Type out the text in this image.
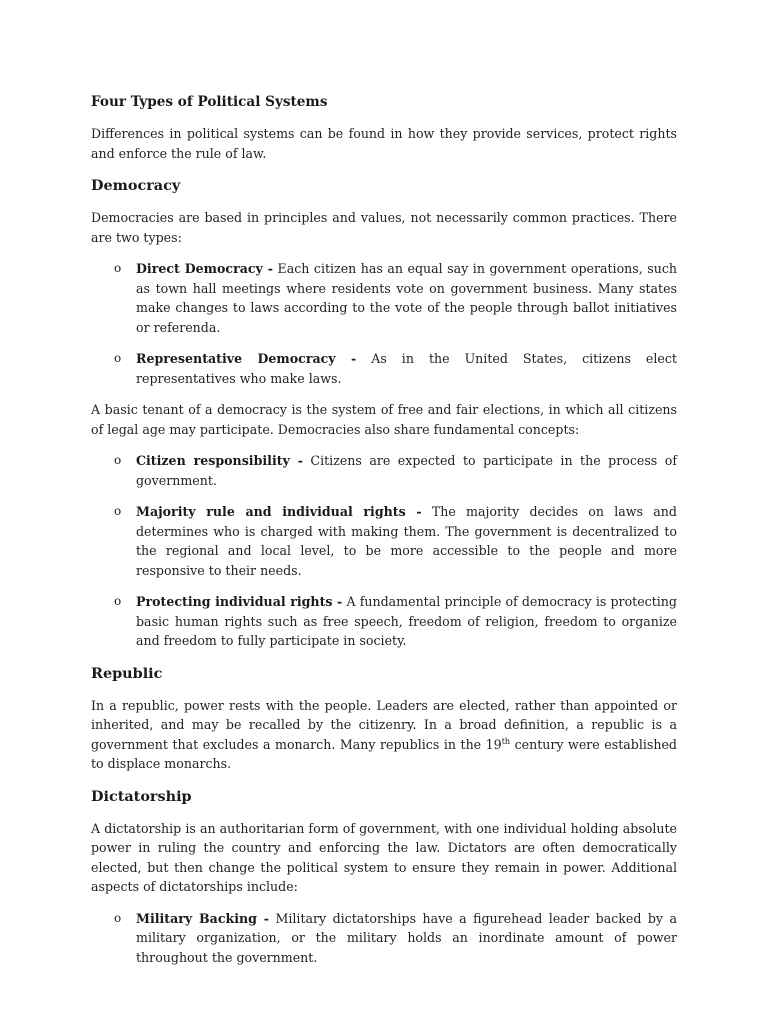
Four Types of Political Systems

Differences in political systems can be found in how they provide services, protect rights and enforce the rule of law.

Democracy

Democracies are based in principles and values, not necessarily common practices. There are two types:

o Direct Democracy - Each citizen has an equal say in government operations, such as town hall meetings where residents vote on government business. Many states make changes to laws according to the vote of the people through ballot initiatives or referenda.
o Representative Democracy - As in the United States, citizens elect representatives who make laws.

A basic tenant of a democracy is the system of free and fair elections, in which all citizens of legal age may participate. Democracies also share fundamental concepts:

o Citizen responsibility - Citizens are expected to participate in the process of government.
o Majority rule and individual rights - The majority decides on laws and determines who is charged with making them. The government is decentralized to the regional and local level, to be more accessible to the people and more responsive to their needs.
o Protecting individual rights - A fundamental principle of democracy is protecting basic human rights such as free speech, freedom of religion, freedom to organize and freedom to fully participate in society.
Republic

In a republic, power rests with the people. Leaders are elected, rather than appointed or inherited, and may be recalled by the citizenry. In a broad definition, a republic is a government that excludes a monarch. Many republics in the 19th century were established to displace monarchs.

Dictatorship

A dictatorship is an authoritarian form of government, with one individual holding absolute power in ruling the country and enforcing the law. Dictators are often democratically elected, but then change the political system to ensure they remain in power. Additional aspects of dictatorships include:

o Military Backing - Military dictatorships have a figurehead leader backed by a military organization, or the military holds an inordinate amount of power throughout the government.
